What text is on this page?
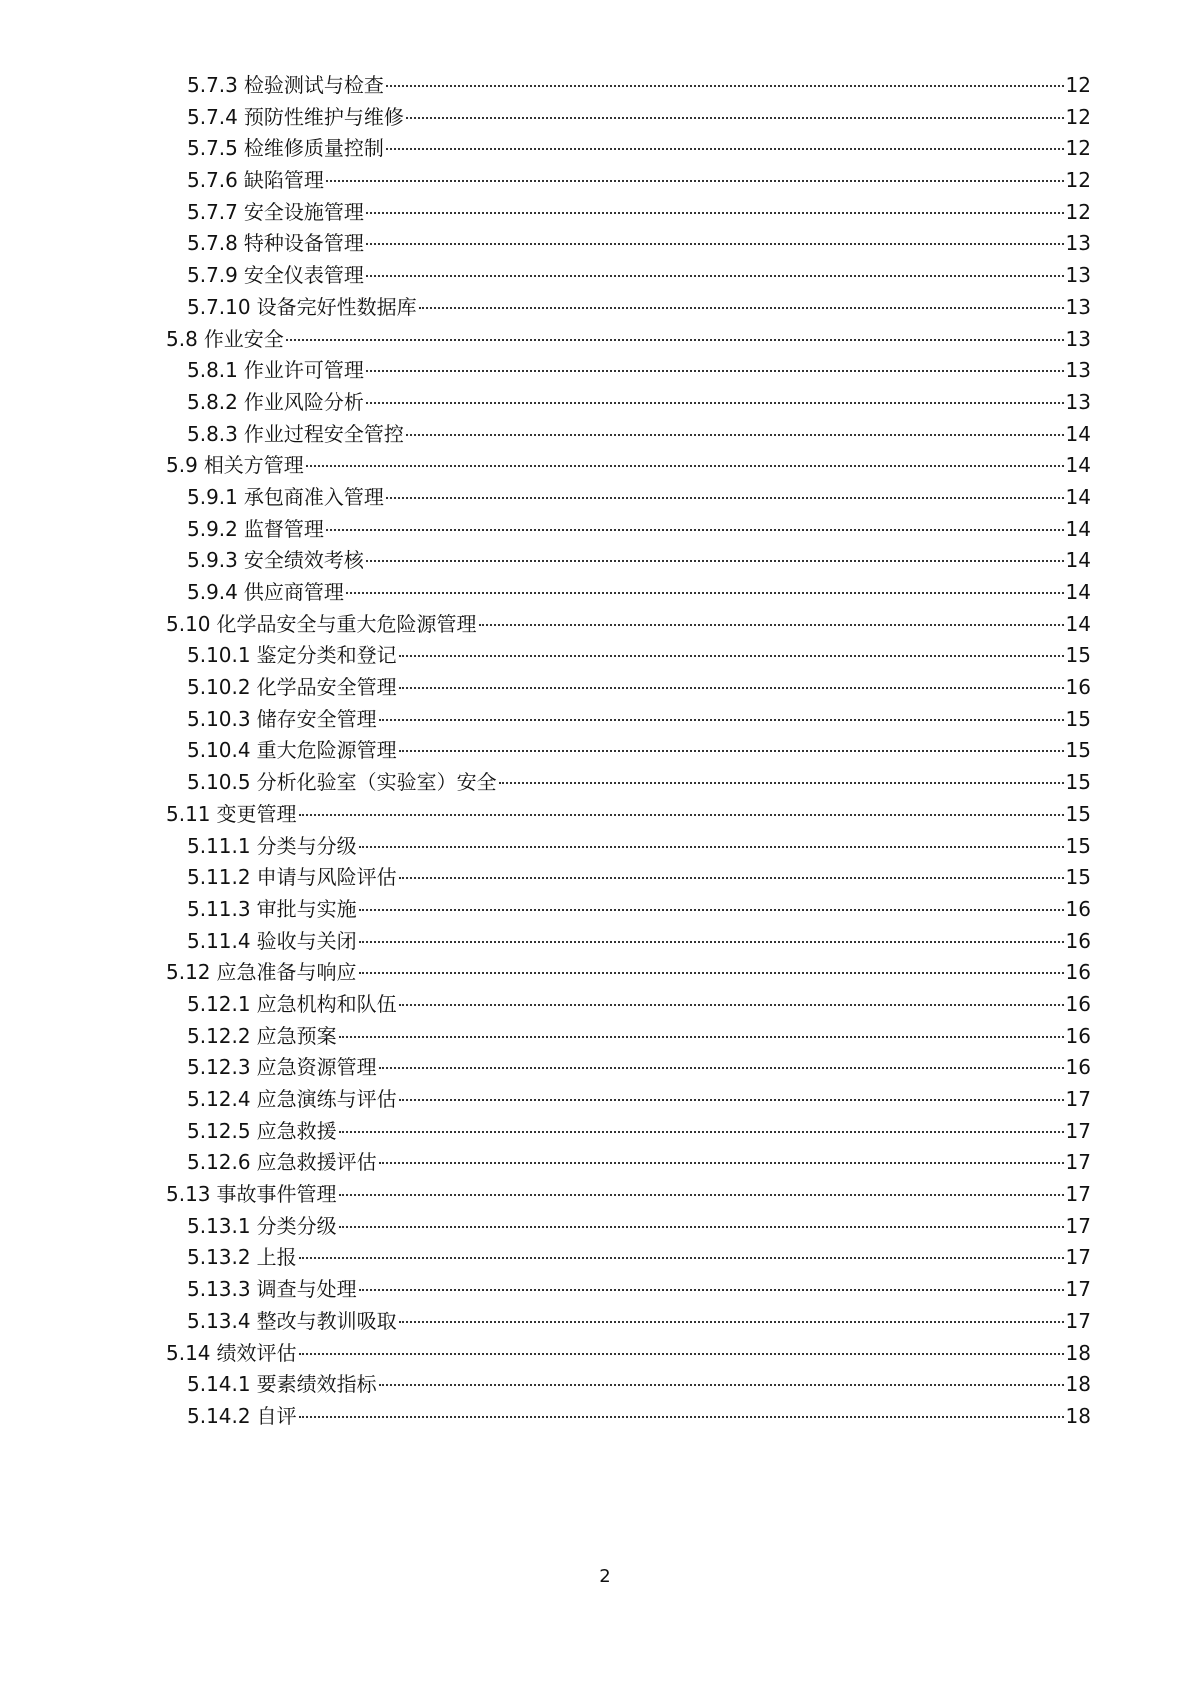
5.7.3 检验测试与检查	12
5.7.4 预防性维护与维修	12
5.7.5 检维修质量控制	12
5.7.6 缺陷管理	12
5.7.7 安全设施管理	12
5.7.8 特种设备管理	13
5.7.9 安全仪表管理	13
5.7.10 设备完好性数据库	13
5.8 作业安全	13
5.8.1 作业许可管理	13
5.8.2 作业风险分析	13
5.8.3 作业过程安全管控	14
5.9 相关方管理	14
5.9.1 承包商准入管理	14
5.9.2 监督管理	14
5.9.3 安全绩效考核	14
5.9.4 供应商管理	14
5.10 化学品安全与重大危险源管理	14
5.10.1 鉴定分类和登记	15
5.10.2 化学品安全管理	16
5.10.3 储存安全管理	15
5.10.4 重大危险源管理	15
5.10.5 分析化验室（实验室）安全	15
5.11 变更管理	15
5.11.1 分类与分级	15
5.11.2 申请与风险评估	15
5.11.3 审批与实施	16
5.11.4 验收与关闭	16
5.12 应急准备与响应	16
5.12.1 应急机构和队伍	16
5.12.2 应急预案	16
5.12.3 应急资源管理	16
5.12.4 应急演练与评估	17
5.12.5 应急救援	17
5.12.6 应急救援评估	17
5.13 事故事件管理	17
5.13.1 分类分级	17
5.13.2 上报	17
5.13.3 调查与处理	17
5.13.4 整改与教训吸取	17
5.14 绩效评估	18
5.14.1 要素绩效指标	18
5.14.2 自评	18
2
